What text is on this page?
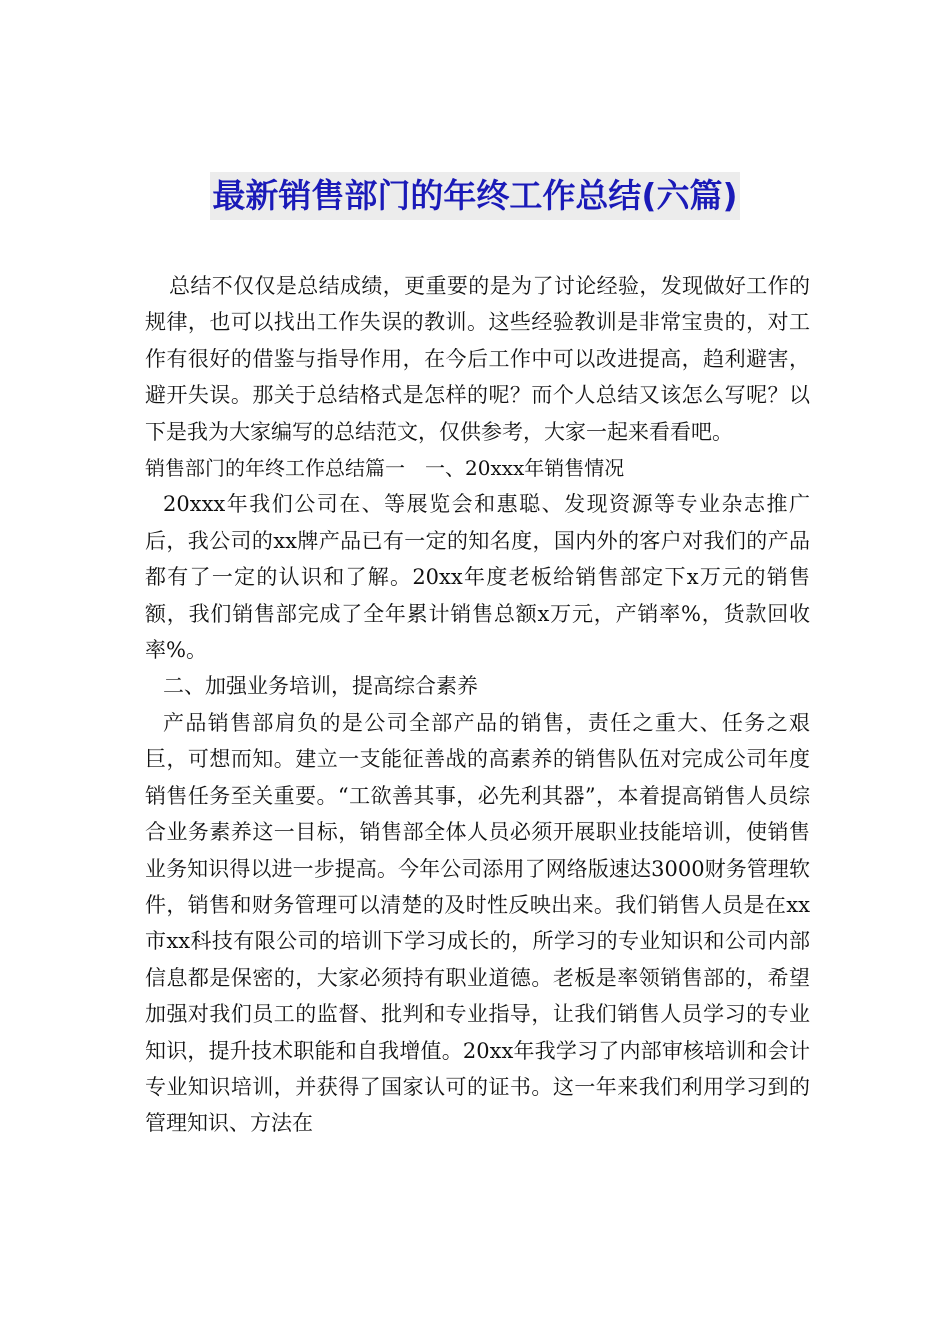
最新销售部门的年终工作总结(六篇)

总结不仅仅是总结成绩，更重要的是为了讨论经验，发现做好工作的规律，也可以找出工作失误的教训。这些经验教训是非常宝贵的，对工作有很好的借鉴与指导作用，在今后工作中可以改进提高，趋利避害，避开失误。那关于总结格式是怎样的呢？而个人总结又该怎么写呢？以下是我为大家编写的总结范文，仅供参考，大家一起来看看吧。

销售部门的年终工作总结篇一　一、20xxx年销售情况

20xxx年我们公司在、等展览会和惠聪、发现资源等专业杂志推广后，我公司的xx牌产品已有一定的知名度，国内外的客户对我们的产品都有了一定的认识和了解。20xx年度老板给销售部定下x万元的销售额，我们销售部完成了全年累计销售总额x万元，产销率%，货款回收率%。

二、加强业务培训，提高综合素养

产品销售部肩负的是公司全部产品的销售，责任之重大、任务之艰巨，可想而知。建立一支能征善战的高素养的销售队伍对完成公司年度销售任务至关重要。“工欲善其事，必先利其器”，本着提高销售人员综合业务素养这一目标，销售部全体人员必须开展职业技能培训，使销售业务知识得以进一步提高。今年公司添用了网络版速达3000财务管理软件，销售和财务管理可以清楚的及时性反映出来。我们销售人员是在xx市xx科技有限公司的培训下学习成长的，所学习的专业知识和公司内部信息都是保密的，大家必须持有职业道德。老板是率领销售部的，希望加强对我们员工的监督、批判和专业指导，让我们销售人员学习的专业知识，提升技术职能和自我增值。20xx年我学习了内部审核培训和会计专业知识培训，并获得了国家认可的证书。这一年来我们利用学习到的管理知识、方法在
